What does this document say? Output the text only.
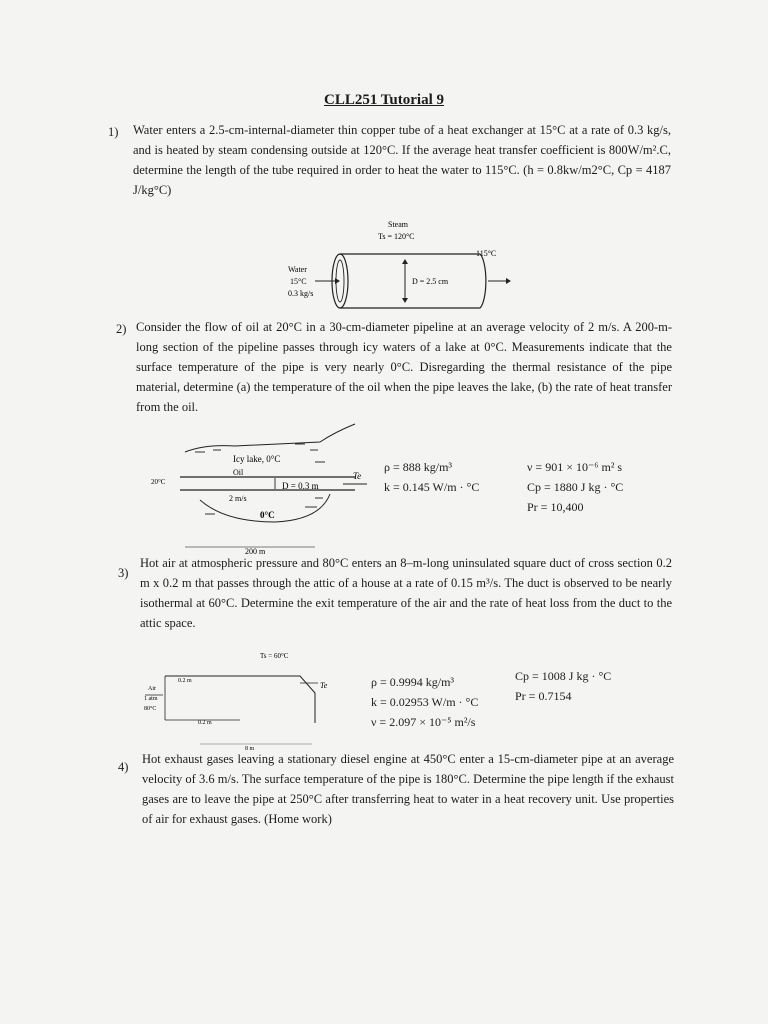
CLL251 Tutorial 9
1) Water enters a 2.5-cm-internal-diameter thin copper tube of a heat exchanger at 15°C at a rate of 0.3 kg/s, and is heated by steam condensing outside at 120°C. If the average heat transfer coefficient is 800W/m².C, determine the length of the tube required in order to heat the water to 115°C. (h = 0.8kw/m2°C, Cp = 4187 J/kg°C)
Steam
Ts = 120°C
115°C
D = 2.5 cm
Water
15°C
0.3 kg/s
2) Consider the flow of oil at 20°C in a 30-cm-diameter pipeline at an average velocity of 2 m/s. A 200-m-long section of the pipeline passes through icy waters of a lake at 0°C. Measurements indicate that the surface temperature of the pipe is very nearly 0°C. Disregarding the thermal resistance of the pipe material, determine (a) the temperature of the oil when the pipe leaves the lake, (b) the rate of heat transfer from the oil.
Icy lake, 0°C
Oil
20°C
2 m/s
D = 0.3 m
0°C
Te
200 m
ρ = 888 kg/m³
k = 0.145 W/m · °C
ν = 901 × 10⁻⁶ m² s
Cp = 1880 J kg · °C
Pr = 10,400
3)
Hot air at atmospheric pressure and 80°C enters an 8–m-long uninsulated square duct of cross section 0.2 m x 0.2 m that passes through the attic of a house at a rate of 0.15 m³/s. The duct is observed to be nearly isothermal at 60°C. Determine the exit temperature of the air and the rate of heat loss from the duct to the attic space.
Ts = 60°C
Te
0.2 m
Air
1 atm
80°C
0.2 m
8 m
ρ = 0.9994 kg/m³
k = 0.02953 W/m · °C
ν = 2.097 × 10⁻⁵ m²/s
Cp = 1008 J kg · °C
Pr = 0.7154
4)
Hot exhaust gases leaving a stationary diesel engine at 450°C enter a 15-cm-diameter pipe at an average velocity of 3.6 m/s. The surface temperature of the pipe is 180°C. Determine the pipe length if the exhaust gases are to leave the pipe at 250°C after transferring heat to water in a heat recovery unit. Use properties of air for exhaust gases. (Home work)
